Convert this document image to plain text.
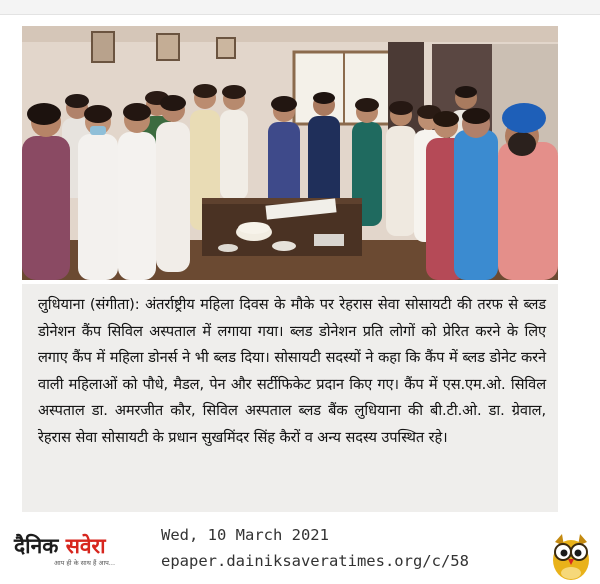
लुधियाना (संगीता): अंतर्राष्ट्रीय महिला दिवस के मौके पर रेहरास सेवा सोसायटी की तरफ से ब्लड डोनेशन कैंप सिविल अस्पताल में लगाया गया। ब्लड डोनेशन प्रति लोगों को प्रेरित करने के लिए लगाए कैंप में महिला डोनर्स ने भी ब्लड दिया। सोसायटी सदस्यों ने कहा कि कैंप में ब्लड डोनेट करने वाली महिलाओं को पौधे, मैडल, पेन और सर्टीफिकेट प्रदान किए गए। कैंप में एस.एम.ओ. सिविल अस्पताल डा. अमरजीत कौर, सिविल अस्पताल ब्लड बैंक लुधियाना की बी.टी.ओ. डा. ग्रेवाल, रेहरास सेवा सोसायटी के प्रधान सुखमिंदर सिंह कैरों व अन्य सदस्य उपस्थित रहे।

दैनिक सवेरा
आप ही के साथ हैं आप...
Wed, 10 March 2021
epaper.dainiksaveratimes.org/c/58
